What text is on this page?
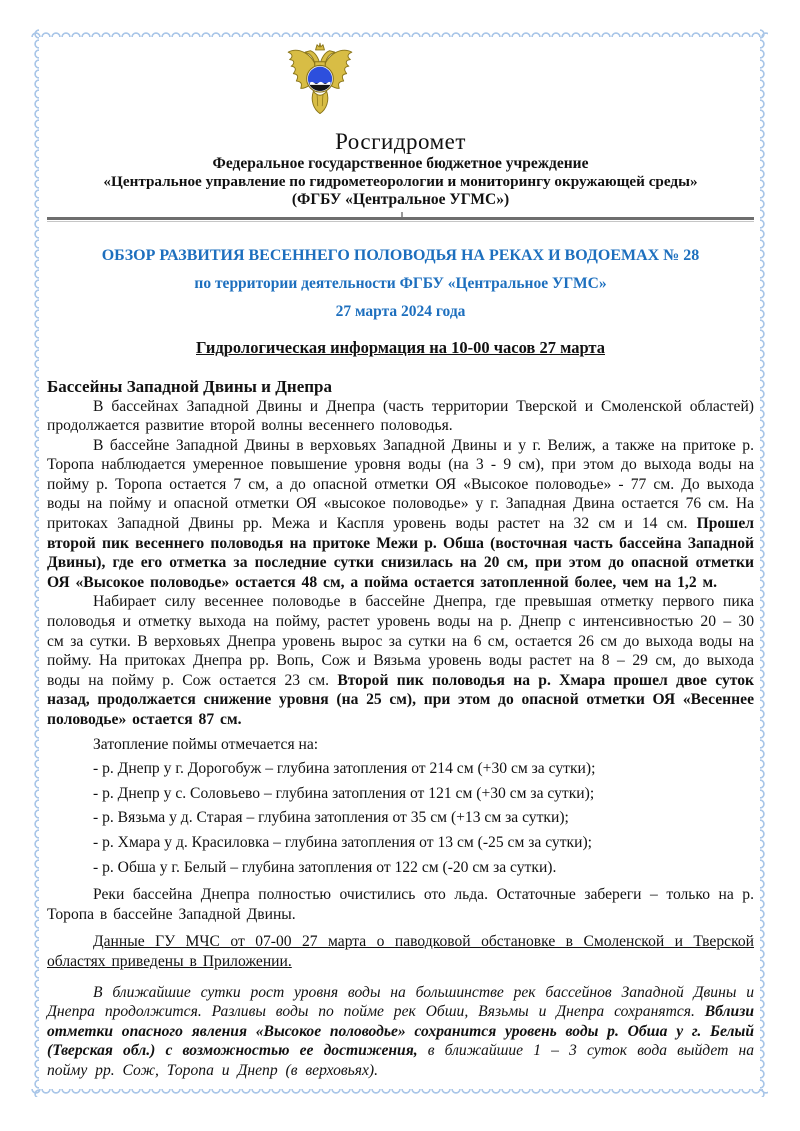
Росгидромет
Федеральное государственное бюджетное учреждение
«Центральное управление по гидрометеорологии и мониторингу окружающей среды»
(ФГБУ «Центральное УГМС»)
ОБЗОР РАЗВИТИЯ ВЕСЕННЕГО ПОЛОВОДЬЯ НА РЕКАХ И ВОДОЕМАХ № 28
по территории деятельности ФГБУ «Центральное УГМС»
27 марта 2024 года
Гидрологическая информация на 10-00 часов 27 марта
Бассейны Западной Двины и Днепра

В бассейнах Западной Двины и Днепра (часть территории Тверской и Смоленской областей) продолжается развитие второй волны весеннего половодья.

В бассейне Западной Двины в верховьях Западной Двины и у г. Велиж, а также на притоке р. Торопа наблюдается умеренное повышение уровня воды (на 3 - 9 см), при этом до выхода воды на пойму р. Торопа остается 7 см, а до опасной отметки ОЯ «Высокое половодье» - 77 см. До выхода воды на пойму и опасной отметки ОЯ «высокое половодье» у г. Западная Двина остается 76 см. На притоках Западной Двины рр. Межа и Каспля уровень воды растет на 32 см и 14 см. Прошел второй пик весеннего половодья на притоке Межи р. Обша (восточная часть бассейна Западной Двины), где его отметка за последние сутки снизилась на 20 см, при этом до опасной отметки ОЯ «Высокое половодье» остается 48 см, а пойма остается затопленной более, чем на 1,2 м.

Набирает силу весеннее половодье в бассейне Днепра, где превышая отметку первого пика половодья и отметку выхода на пойму, растет уровень воды на р. Днепр с интенсивностью 20 – 30 см за сутки. В верховьях Днепра уровень вырос за сутки на 6 см, остается 26 см до выхода воды на пойму. На притоках Днепра рр. Вопь, Сож и Вязьма уровень воды растет на 8 – 29 см, до выхода воды на пойму р. Сож остается 23 см. Второй пик половодья на р. Хмара прошел двое суток назад, продолжается снижение уровня (на 25 см), при этом до опасной отметки ОЯ «Весеннее половодье» остается 87 см.

Затопление поймы отмечается на:

- р. Днепр у г. Дорогобуж – глубина затопления от 214 см (+30 см за сутки);

- р. Днепр у с. Соловьево – глубина затопления от 121 см (+30 см за сутки);

- р. Вязьма у д. Старая – глубина затопления от 35 см (+13 см за сутки);

- р. Хмара у д. Красиловка – глубина затопления от 13 см (-25 см за сутки);

- р. Обша у г. Белый – глубина затопления от 122 см (-20 см за сутки).

Реки бассейна Днепра полностью очистились ото льда. Остаточные забереги – только на р. Торопа в бассейне Западной Двины.

Данные ГУ МЧС от 07-00 27 марта о паводковой обстановке в Смоленской и Тверской областях приведены в Приложении.

В ближайшие сутки рост уровня воды на большинстве рек бассейнов Западной Двины и Днепра продолжится. Разливы воды по пойме рек Обши, Вязьмы и Днепра сохранятся. Вблизи отметки опасного явления «Высокое половодье» сохранится уровень воды р. Обша у г. Белый (Тверская обл.) с возможностью ее достижения, в ближайшие 1 – 3 суток вода выйдет на пойму рр. Сож, Торопа и Днепр (в верховьях).
